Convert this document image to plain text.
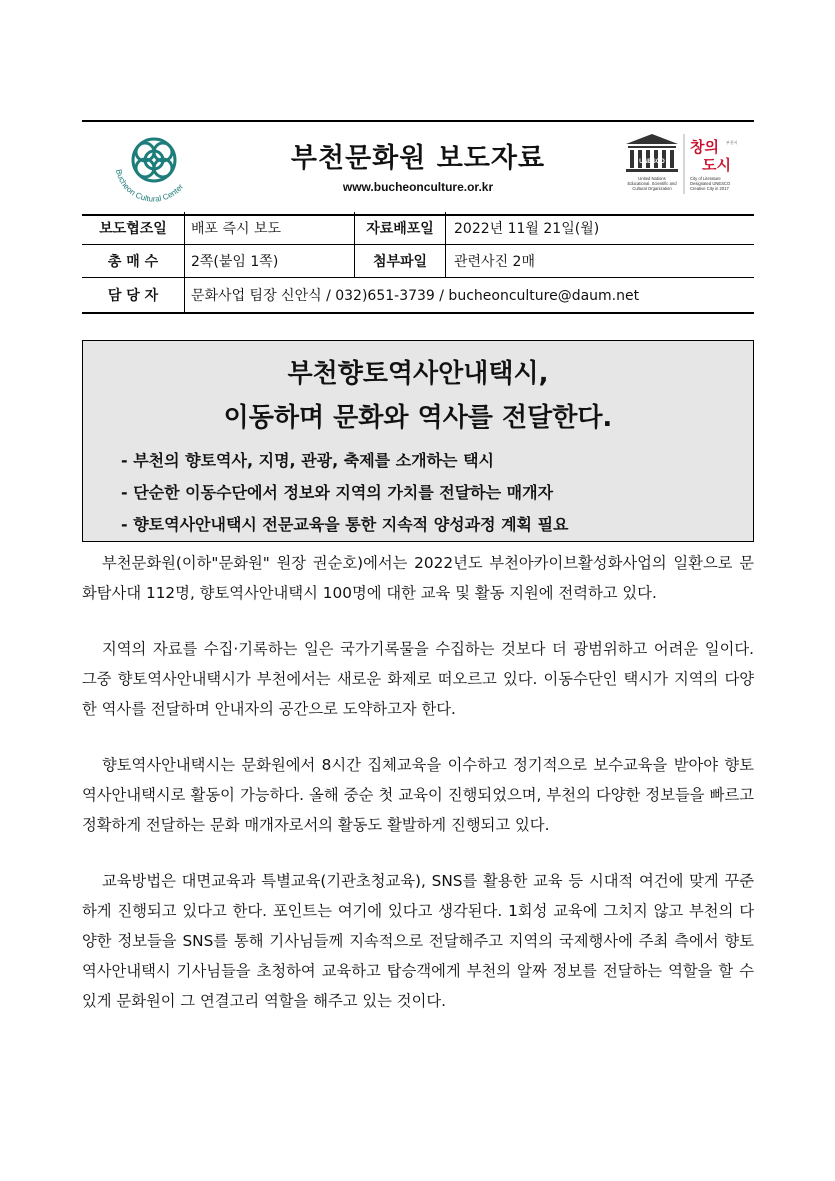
Bucheon Cultural Center
부천문화원 보도자료
www.bucheonculture.or.kr
UNESCO
United Nations
Educational, Scientific and
Cultural Organization
창의
도시
부천시
City of Literature
Designated UNESCO
Creative City in 2017
보도협조일	배포 즉시 보도	자료배포일	2022년 11월 21일(월)
총 매 수	2쪽(붙임 1쪽)	첨부파일	관련사진 2매
담 당 자	문화사업 팀장 신안식 / 032)651-3739 / bucheonculture@daum.net		
부천향토역사안내택시,
이동하며 문화와 역사를 전달한다.
- 부천의 향토역사, 지명, 관광, 축제를 소개하는 택시
- 단순한 이동수단에서 정보와 지역의 가치를 전달하는 매개자
- 향토역사안내택시 전문교육을 통한 지속적 양성과정 계획 필요

부천문화원(이하"문화원" 원장 권순호)에서는 2022년도 부천아카이브활성화사업의 일환으로 문화탐사대 112명, 향토역사안내택시 100명에 대한 교육 및 활동 지원에 전력하고 있다.

지역의 자료를 수집·기록하는 일은 국가기록물을 수집하는 것보다 더 광범위하고 어려운 일이다. 그중 향토역사안내택시가 부천에서는 새로운 화제로 떠오르고 있다. 이동수단인 택시가 지역의 다양한 역사를 전달하며 안내자의 공간으로 도약하고자 한다.

향토역사안내택시는 문화원에서 8시간 집체교육을 이수하고 정기적으로 보수교육을 받아야 향토역사안내택시로 활동이 가능하다. 올해 중순 첫 교육이 진행되었으며, 부천의 다양한 정보들을 빠르고 정확하게 전달하는 문화 매개자로서의 활동도 활발하게 진행되고 있다.

교육방법은 대면교육과 특별교육(기관초청교육), SNS를 활용한 교육 등 시대적 여건에 맞게 꾸준하게 진행되고 있다고 한다. 포인트는 여기에 있다고 생각된다. 1회성 교육에 그치지 않고 부천의 다양한 정보들을 SNS를 통해 기사님들께 지속적으로 전달해주고 지역의 국제행사에 주최 측에서 향토역사안내택시 기사님들을 초청하여 교육하고 탑승객에게 부천의 알짜 정보를 전달하는 역할을 할 수 있게 문화원이 그 연결고리 역할을 해주고 있는 것이다.
